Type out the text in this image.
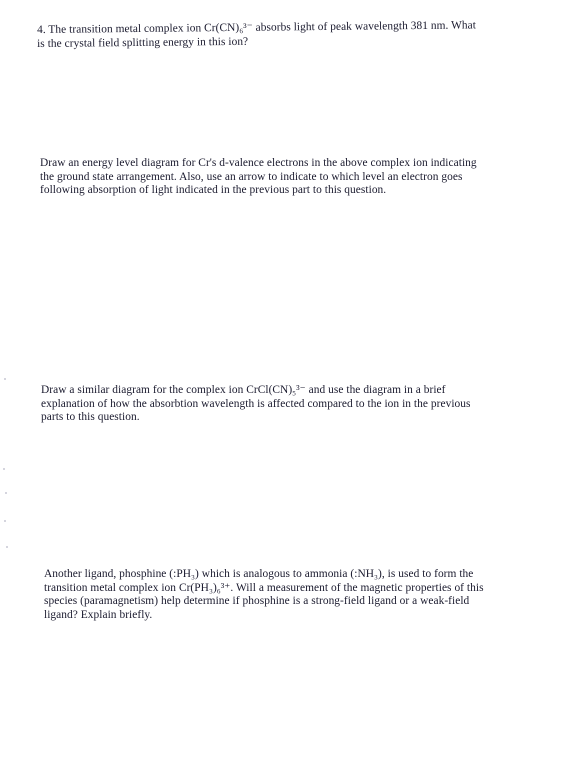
4. The transition metal complex ion Cr(CN)₆³⁻ absorbs light of peak wavelength 381 nm. What
is the crystal field splitting energy in this ion?
Draw an energy level diagram for Cr's d-valence electrons in the above complex ion indicating
the ground state arrangement. Also, use an arrow to indicate to which level an electron goes
following absorption of light indicated in the previous part to this question.
Draw a similar diagram for the complex ion CrCl(CN)₅³⁻ and use the diagram in a brief
explanation of how the absorbtion wavelength is affected compared to the ion in the previous
parts to this question.
Another ligand, phosphine (:PH₃) which is analogous to ammonia (:NH₃), is used to form the
transition metal complex ion Cr(PH₃)₆³⁺. Will a measurement of the magnetic properties of this
species (paramagnetism) help determine if phosphine is a strong-field ligand or a weak-field
ligand? Explain briefly.
